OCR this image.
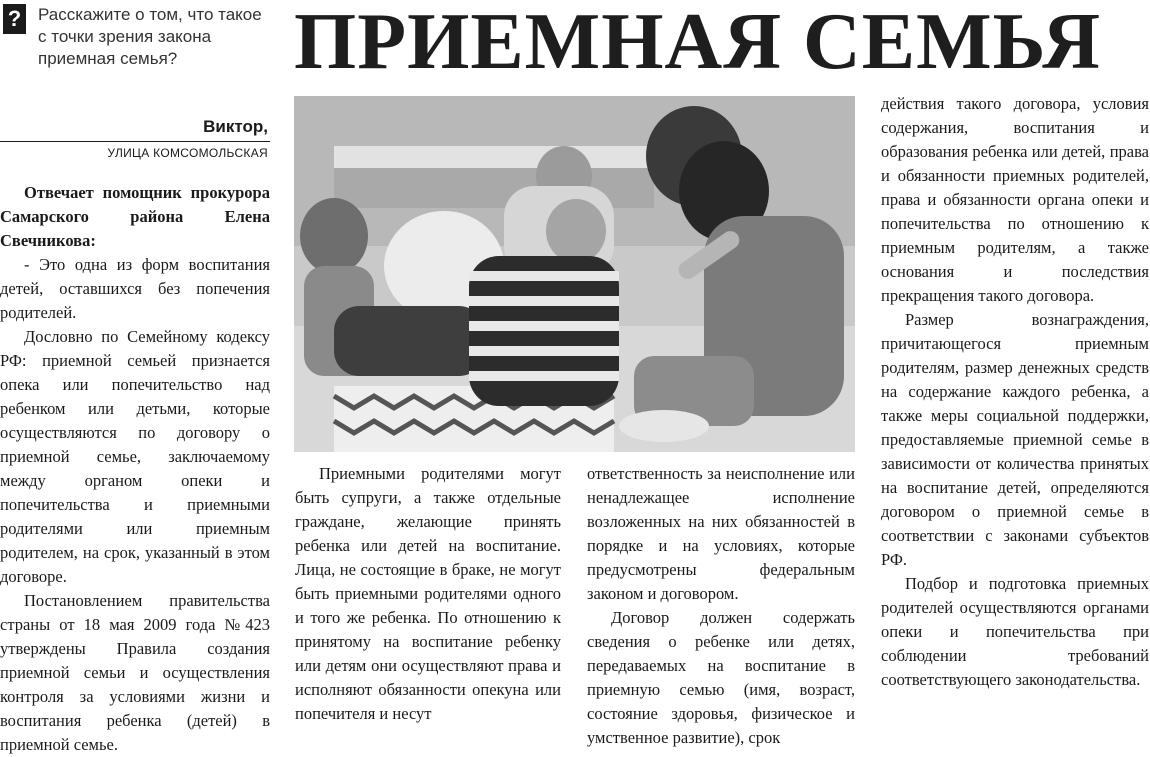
? Расскажите о том, что такое с точки зрения закона приемная семья?
Виктор,
УЛИЦА КОМСОМОЛЬСКАЯ
ПРИЕМНАЯ СЕМЬЯ

Отвечает помощник прокурора Самарского района Елена Свечникова:

- Это одна из форм воспитания детей, оставшихся без попечения родителей.

Дословно по Семейному кодексу РФ: приемной семьей признается опека или попечительство над ребенком или детьми, которые осуществляются по договору о приемной семье, заключаемому между органом опеки и попечительства и приемными родителями или приемным родителем, на срок, указанный в этом договоре.

Постановлением правительства страны от 18 мая 2009 года №423 утверждены Правила создания приемной семьи и осуществления контроля за условиями жизни и воспитания ребенка (детей) в приемной семье.

Приемными родителями могут быть супруги, а также отдельные граждане, желающие принять ребенка или детей на воспитание. Лица, не состоящие в браке, не могут быть приемными родителями одного и того же ребенка. По отношению к принятому на воспитание ребенку или детям они осуществляют права и исполняют обязанности опекуна или попечителя и несут

ответственность за неисполнение или ненадлежащее исполнение возложенных на них обязанностей в порядке и на условиях, которые предусмотрены федеральным законом и договором.

Договор должен содержать сведения о ребенке или детях, передаваемых на воспитание в приемную семью (имя, возраст, состояние здоровья, физическое и умственное развитие), срок

действия такого договора, условия содержания, воспитания и образования ребенка или детей, права и обязанности приемных родителей, права и обязанности органа опеки и попечительства по отношению к приемным родителям, а также основания и последствия прекращения такого договора.

Размер вознаграждения, причитающегося приемным родителям, размер денежных средств на содержание каждого ребенка, а также меры социальной поддержки, предоставляемые приемной семье в зависимости от количества принятых на воспитание детей, определяются договором о приемной семье в соответствии с законами субъектов РФ.

Подбор и подготовка приемных родителей осуществляются органами опеки и попечительства при соблюдении требований соответствующего законодательства.
